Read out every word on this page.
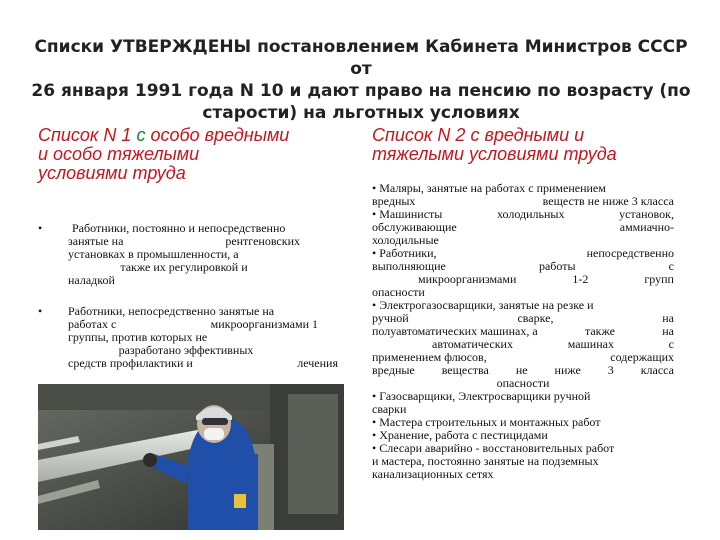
Списки УТВЕРЖДЕНЫ постановлением Кабинета Министров СССР от
26 января 1991 года N 10 и дают право на пенсию по возрасту (по
старости) на льготных условиях
Список N 1 с особо вредными
и особо тяжелыми
условиями труда
• Работники, постоянно и непосредственно
занятые на	рентгеновских
установках в промышленности, а
также их регулировкой и
наладкой
• Работники, непосредственно занятые на
работах с	микроорганизмами 1
группы, против которых не
разработано эффективных
средств профилактики и	лечения
Список N 2 с вредными и
тяжелыми условиями труда
• Маляры, занятые на работах с применением
вредных	веществ не ниже 3 класса
• Машинисты	холодильных	установок,
обслуживающие	аммиачно-
холодильные
• Работники,	непосредственно
выполняющие	работы	с
микроорганизмами	1-2	групп
опасности
• Электрогазосварщики, занятые на резке и
ручной	сварке,	на
полуавтоматических машинах, а	также	на
автоматических	машинах	с
применением флюсов,	содержащих
вредные вещества не ниже 3 класса
опасности
• Газосварщики, Электросварщики ручной
сварки
• Мастера строительных и монтажных работ
• Хранение, работа с пестицидами
• Слесари аварийно - восстановительных работ
и мастера, постоянно занятые на подземных
канализационных сетях
